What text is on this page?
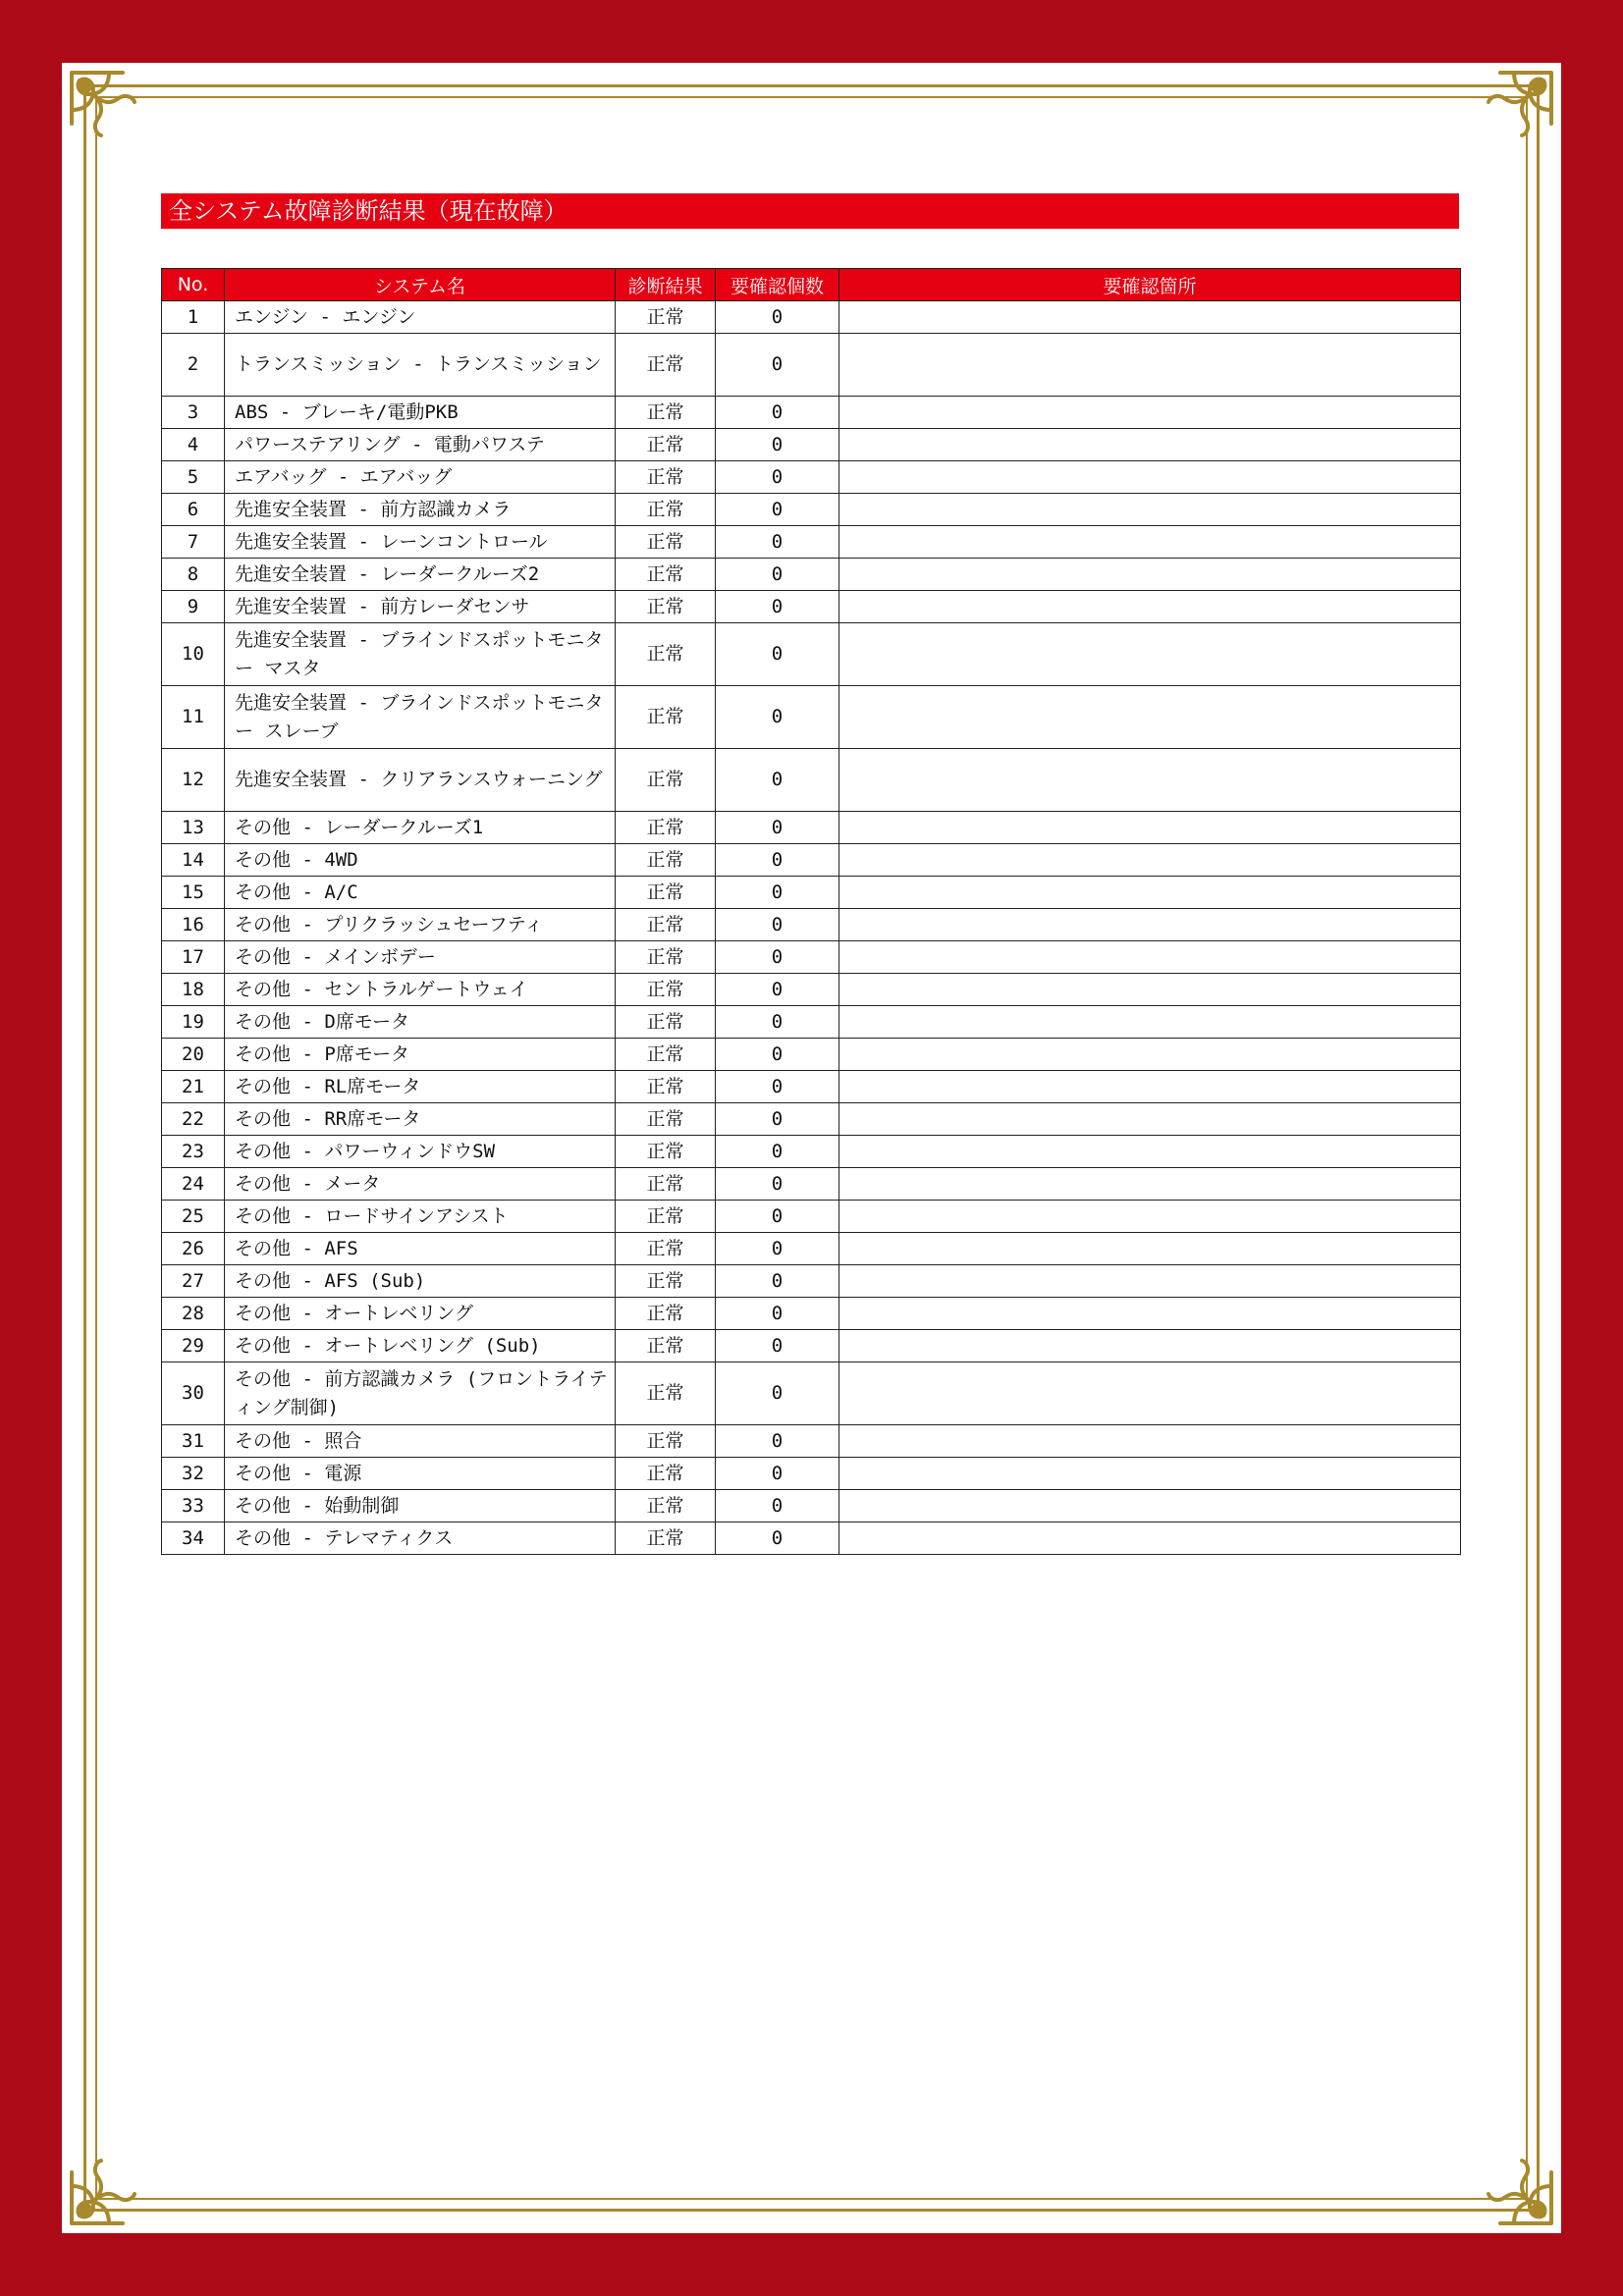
全システム故障診断結果（現在故障）
No.	システム名	診断結果	要確認個数	要確認箇所
1	エンジン - エンジン	正常	0	
2	トランスミッション - トランスミッション	正常	0	
3	ABS - ブレーキ/電動PKB	正常	0	
4	パワーステアリング - 電動パワステ	正常	0	
5	エアバッグ - エアバッグ	正常	0	
6	先進安全装置 - 前方認識カメラ	正常	0	
7	先進安全装置 - レーンコントロール	正常	0	
8	先進安全装置 - レーダークルーズ2	正常	0	
9	先進安全装置 - 前方レーダセンサ	正常	0	
10	先進安全装置 - ブラインドスポットモニター マスタ	正常	0	
11	先進安全装置 - ブラインドスポットモニター スレーブ	正常	0	
12	先進安全装置 - クリアランスウォーニング	正常	0	
13	その他 - レーダークルーズ1	正常	0	
14	その他 - 4WD	正常	0	
15	その他 - A/C	正常	0	
16	その他 - プリクラッシュセーフティ	正常	0	
17	その他 - メインボデー	正常	0	
18	その他 - セントラルゲートウェイ	正常	0	
19	その他 - D席モータ	正常	0	
20	その他 - P席モータ	正常	0	
21	その他 - RL席モータ	正常	0	
22	その他 - RR席モータ	正常	0	
23	その他 - パワーウィンドウSW	正常	0	
24	その他 - メータ	正常	0	
25	その他 - ロードサインアシスト	正常	0	
26	その他 - AFS	正常	0	
27	その他 - AFS (Sub)	正常	0	
28	その他 - オートレベリング	正常	0	
29	その他 - オートレベリング (Sub)	正常	0	
30	その他 - 前方認識カメラ (フロントライティング制御)	正常	0	
31	その他 - 照合	正常	0	
32	その他 - 電源	正常	0	
33	その他 - 始動制御	正常	0	
34	その他 - テレマティクス	正常	0	
